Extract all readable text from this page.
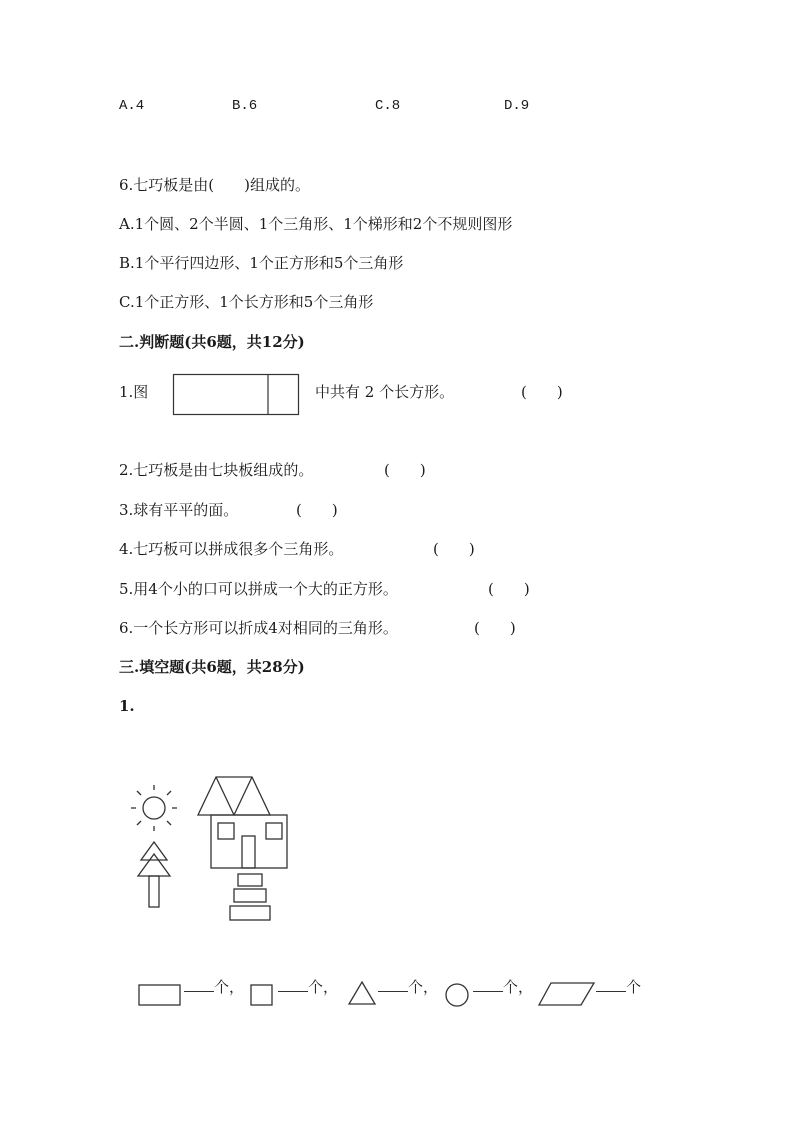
A.4	B.6	C.8	D.9
6.七巧板是由(　　)组成的。
A.1个圆、2个半圆、1个三角形、1个梯形和2个不规则图形
B.1个平行四边形、1个正方形和5个三角形
C.1个正方形、1个长方形和5个三角形
二.判断题(共6题，共12分)
1.图	中共有 2 个长方形。	(　　)
2.七巧板是由七块板组成的。	(　　)
3.球有平平的面。	(　　)
4.七巧板可以拼成很多个三角形。	(　　)
5.用4个小的口可以拼成一个大的正方形。	(　　)
6.一个长方形可以折成4对相同的三角形。	(　　)
三.填空题(共6题，共28分)
1.
个，	个，	个，	个，	个
